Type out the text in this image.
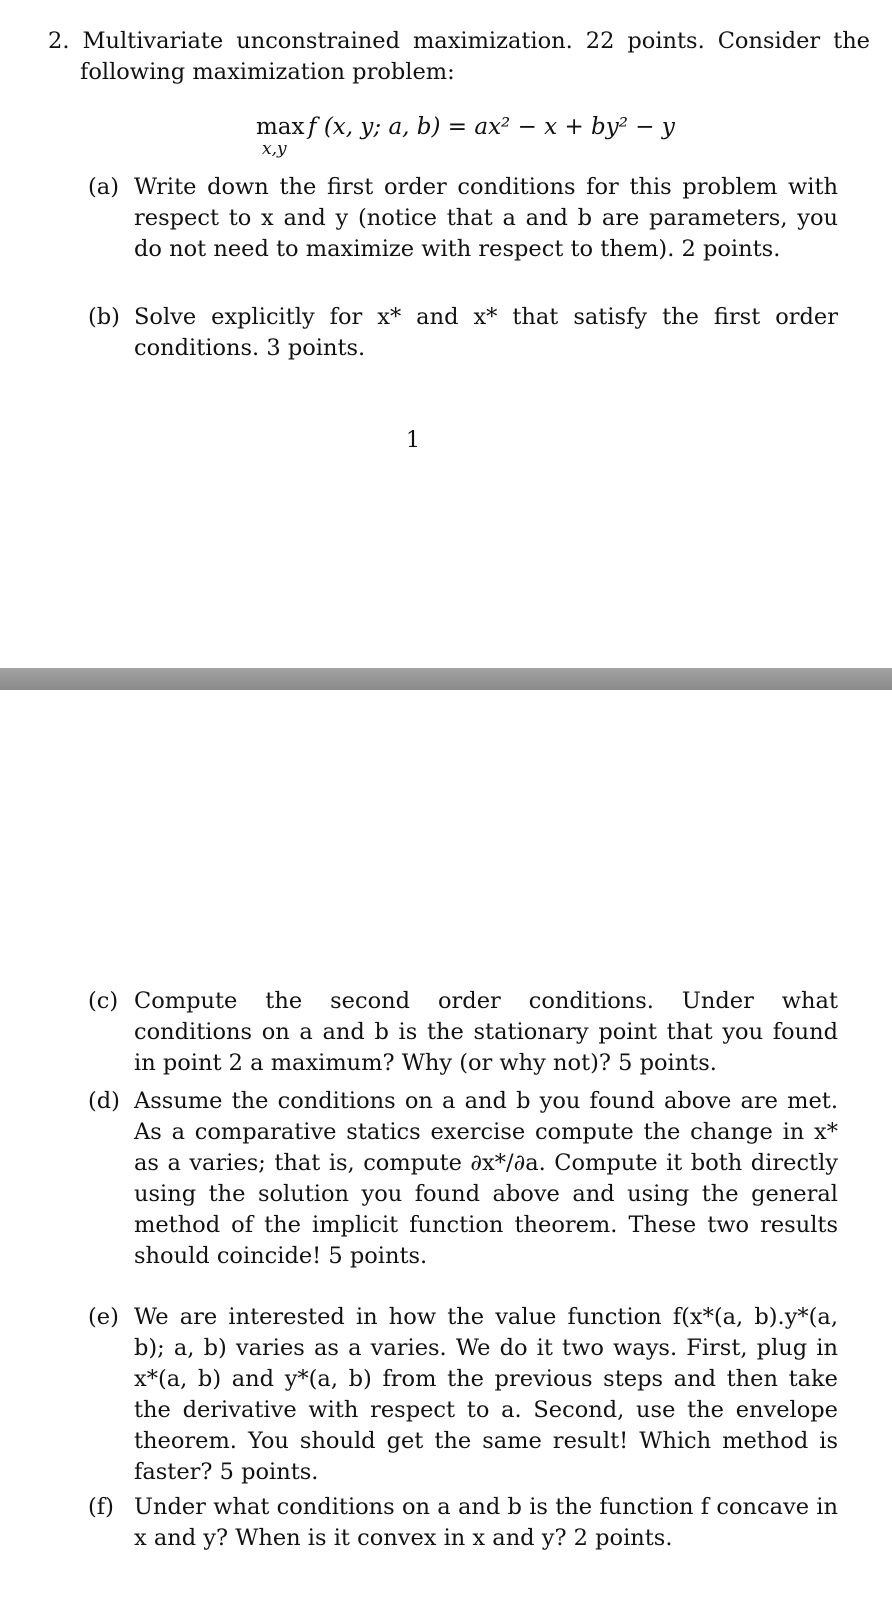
2. Multivariate unconstrained maximization. 22 points. Consider the following maximization problem:
max
x,y
f (x, y; a, b) = ax² − x + by² − y
(a) Write down the first order conditions for this problem with respect to x and y (notice that a and b are parameters, you do not need to maximize with respect to them). 2 points.
(b) Solve explicitly for x* and x* that satisfy the first order conditions. 3 points.
1
(c) Compute the second order conditions. Under what conditions on a and b is the stationary point that you found in point 2 a maximum? Why (or why not)? 5 points.
(d) Assume the conditions on a and b you found above are met. As a comparative statics exercise compute the change in x* as a varies; that is, compute ∂x*/∂a. Compute it both directly using the solution you found above and using the general method of the implicit function theorem. These two results should coincide! 5 points.
(e) We are interested in how the value function f(x*(a, b).y*(a, b); a, b) varies as a varies. We do it two ways. First, plug in x*(a, b) and y*(a, b) from the previous steps and then take the derivative with respect to a. Second, use the envelope theorem. You should get the same result! Which method is faster? 5 points.
(f) Under what conditions on a and b is the function f concave in x and y? When is it convex in x and y? 2 points.
